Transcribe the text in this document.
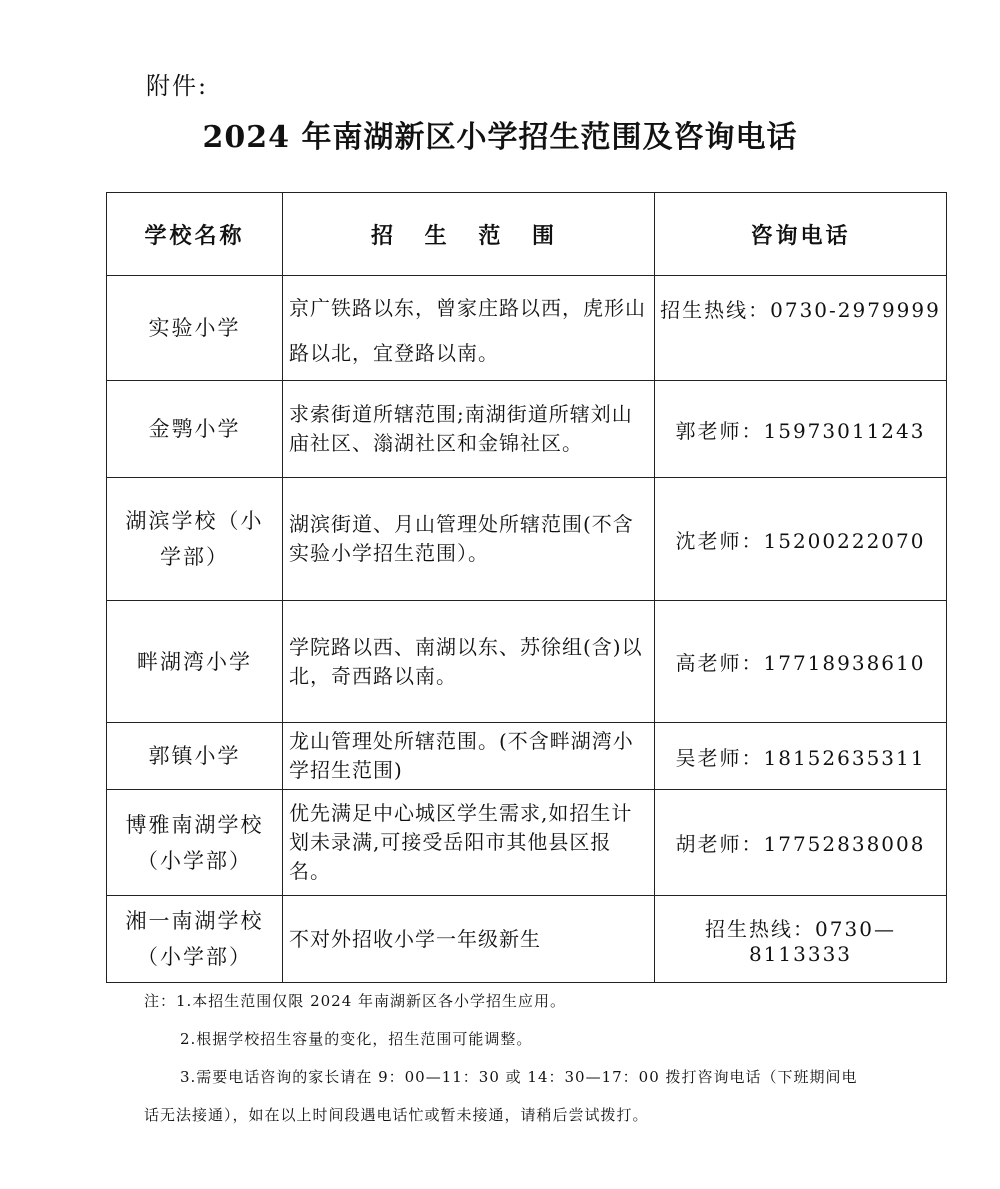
附件:
2024 年南湖新区小学招生范围及咨询电话
学校名称	招 生 范 围	咨询电话
实验小学	京广铁路以东，曾家庄路以西，虎形山路以北，宜登路以南。	招生热线：0730-2979999
金鹗小学	求索街道所辖范围;南湖街道所辖刘山庙社区、滃湖社区和金锦社区。	郭老师：15973011243
湖滨学校（小学部）	湖滨街道、月山管理处所辖范围(不含实验小学招生范围）。	沈老师：15200222070
畔湖湾小学	学院路以西、南湖以东、苏徐组(含)以北，奇西路以南。	高老师：17718938610
郭镇小学	龙山管理处所辖范围。(不含畔湖湾小学招生范围)	吴老师：18152635311
博雅南湖学校（小学部）	优先满足中心城区学生需求,如招生计划未录满,可接受岳阳市其他县区报名。	胡老师：17752838008
湘一南湖学校（小学部）	不对外招收小学一年级新生	招生热线：0730—8113333

注：1.本招生范围仅限 2024 年南湖新区各小学招生应用。

2.根据学校招生容量的变化，招生范围可能调整。

3.需要电话咨询的家长请在 9：00—11：30 或 14：30—17：00 拨打咨询电话（下班期间电话无法接通），如在以上时间段遇电话忙或暂未接通，请稍后尝试拨打。
